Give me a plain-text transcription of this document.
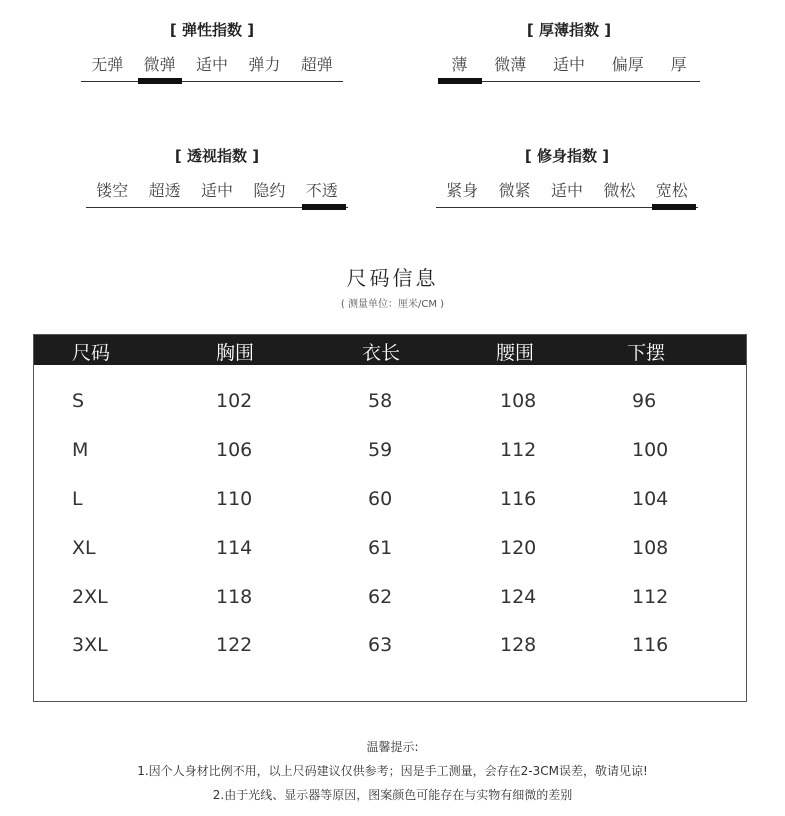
[ 弹性指数 ]
无弹 微弹 适中 弹力 超弹
[ 厚薄指数 ]
薄 微薄 适中 偏厚 厚
[ 透视指数 ]
镂空 超透 适中 隐约 不透
[ 修身指数 ]
紧身 微紧 适中 微松 宽松
尺码信息
( 测量单位：厘米/CM )
尺码	胸围	衣长	腰围	下摆
S	102	58	108	96
M	106	59	112	100
L	110	60	116	104
XL	114	61	120	108
2XL	118	62	124	112
3XL	122	63	128	116
温馨提示:
1.因个人身材比例不用，以上尺码建议仅供参考；因是手工测量，会存在2-3CM误差，敬请见谅!
2.由于光线、显示器等原因，图案颜色可能存在与实物有细微的差别
